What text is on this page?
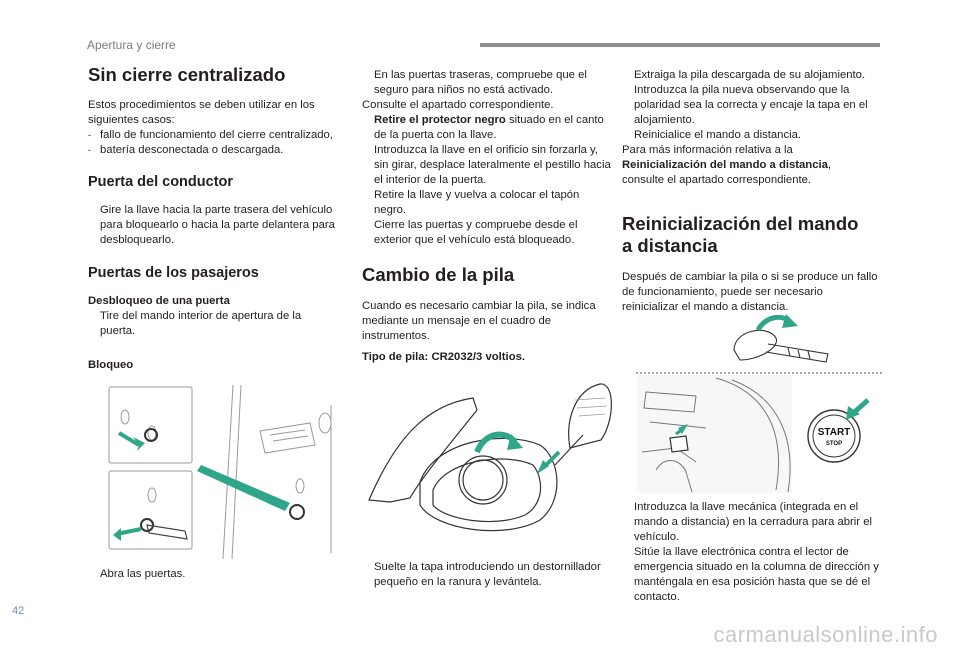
Apertura y cierre
Sin cierre centralizado

Estos procedimientos se deben utilizar en los siguientes casos:

- fallo de funcionamiento del cierre centralizado,
- batería desconectada o descargada.
Puerta del conductor
Gire la llave hacia la parte trasera del vehículo para bloquearlo o hacia la parte delantera para desbloquearlo.
Puertas de los pasajeros

Desbloqueo de una puerta

Tire del mando interior de apertura de la puerta.

Bloqueo

Abra las puertas.
En las puertas traseras, compruebe que el seguro para niños no está activado.

Consulte el apartado correspondiente.

Retire el protector negro situado en el canto de la puerta con la llave.
Introduzca la llave en el orificio sin forzarla y, sin girar, desplace lateralmente el pestillo hacia el interior de la puerta.
Retire la llave y vuelva a colocar el tapón negro.
Cierre las puertas y compruebe desde el exterior que el vehículo está bloqueado.
Cambio de la pila

Cuando es necesario cambiar la pila, se indica mediante un mensaje en el cuadro de instrumentos.

Tipo de pila: CR2032/3 voltios.

Suelte la tapa introduciendo un destornillador pequeño en la ranura y levántela.
Extraiga la pila descargada de su alojamiento.
Introduzca la pila nueva observando que la polaridad sea la correcta y encaje la tapa en el alojamiento.
Reinicialice el mando a distancia.

Para más información relativa a la

Reinicialización del mando a distancia,

consulte el apartado correspondiente.

Reinicialización del mando
a distancia

Después de cambiar la pila o si se produce un fallo de funcionamiento, puede ser necesario reinicializar el mando a distancia.

START
STOP
Introduzca la llave mecánica (integrada en el mando a distancia) en la cerradura para abrir el vehículo.
Sitúe la llave electrónica contra el lector de emergencia situado en la columna de dirección y manténgala en esa posición hasta que se dé el contacto.
42
carmanualsonline.info
